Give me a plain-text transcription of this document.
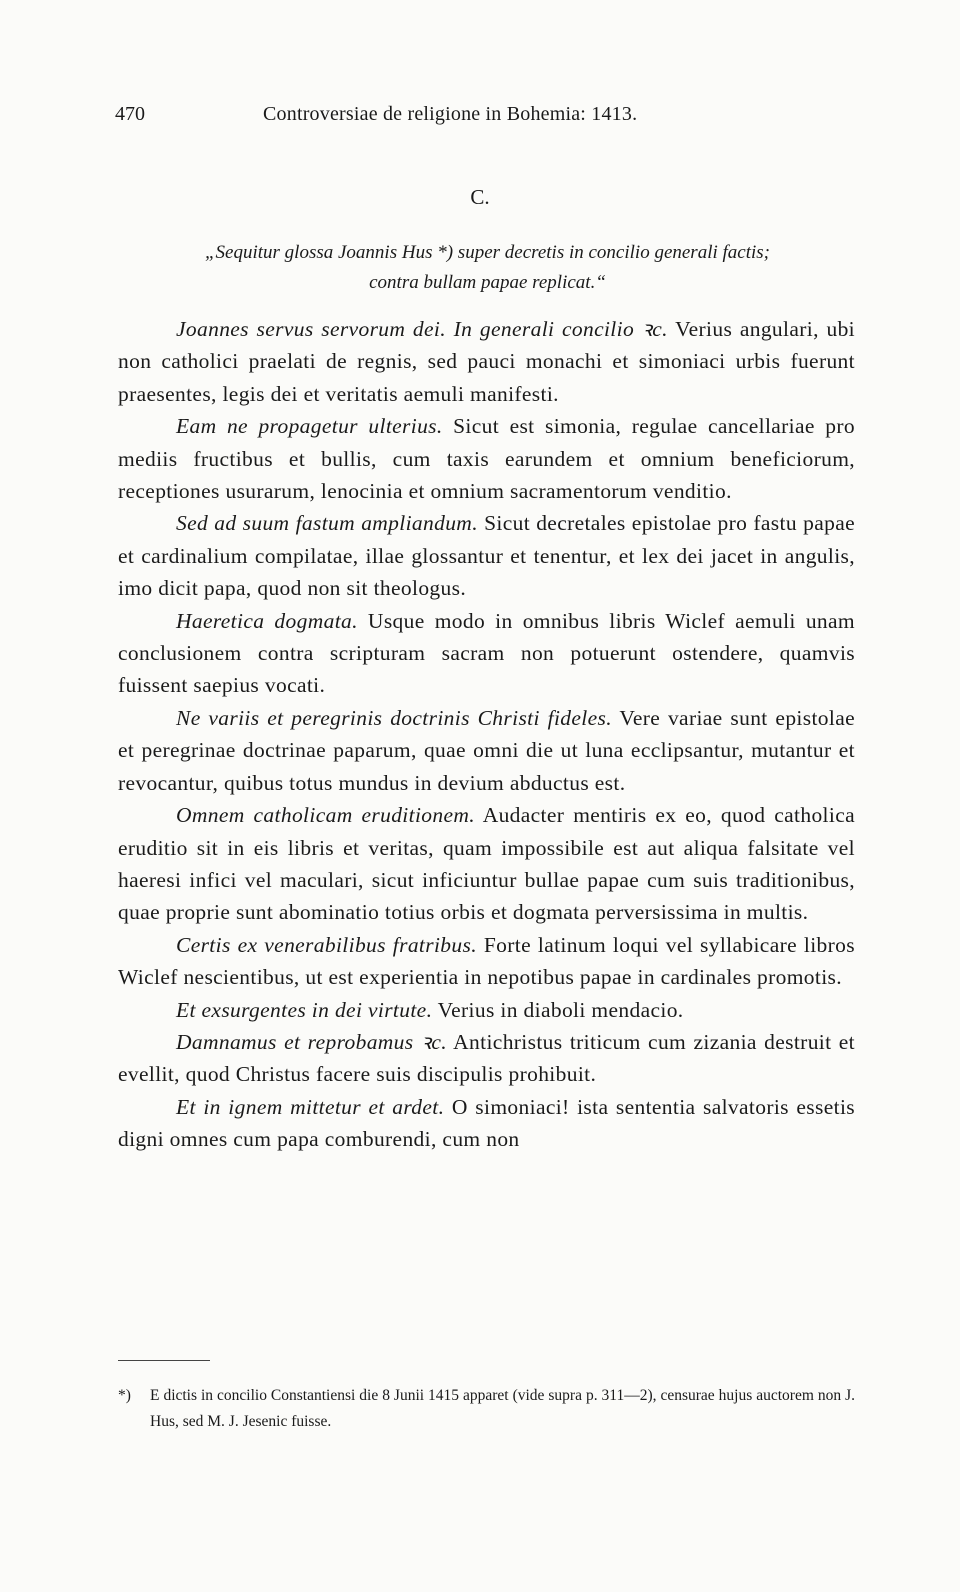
470	Controversiae de religione in Bohemia: 1413.
C.
„Sequitur glossa Joannis Hus *) super decretis in concilio generali factis;
contra bullam papae replicat.“

Joannes servus servorum dei. In generali concilio ꝛc. Verius angulari, ubi non catholici praelati de regnis, sed pauci monachi et simoniaci urbis fuerunt praesentes, legis dei et veritatis aemuli manifesti.

Eam ne propagetur ulterius. Sicut est simonia, regulae cancellariae pro mediis fructibus et bullis, cum taxis earundem et omnium beneficiorum, receptiones usurarum, lenocinia et omnium sacramentorum venditio.

Sed ad suum fastum ampliandum. Sicut decretales epistolae pro fastu papae et cardinalium compilatae, illae glossantur et tenentur, et lex dei jacet in angulis, imo dicit papa, quod non sit theologus.

Haeretica dogmata. Usque modo in omnibus libris Wiclef aemuli unam conclusionem contra scripturam sacram non potuerunt ostendere, quamvis fuissent saepius vocati.

Ne variis et peregrinis doctrinis Christi fideles. Vere variae sunt epistolae et peregrinae doctrinae paparum, quae omni die ut luna ecclipsantur, mutantur et revocantur, quibus totus mundus in devium abductus est.

Omnem catholicam eruditionem. Audacter mentiris ex eo, quod catholica eruditio sit in eis libris et veritas, quam impossibile est aut aliqua falsitate vel haeresi infici vel maculari, sicut inficiuntur bullae papae cum suis traditionibus, quae proprie sunt abominatio totius orbis et dogmata perversissima in multis.

Certis ex venerabilibus fratribus. Forte latinum loqui vel syllabicare libros Wiclef nescientibus, ut est experientia in nepotibus papae in cardinales promotis.

Et exsurgentes in dei virtute. Verius in diaboli mendacio.

Damnamus et reprobamus ꝛc. Antichristus triticum cum zizania destruit et evellit, quod Christus facere suis discipulis prohibuit.

Et in ignem mittetur et ardet. O simoniaci! ista sententia salvatoris essetis digni omnes cum papa comburendi, cum non

*) E dictis in concilio Constantiensi die 8 Junii 1415 apparet (vide supra p. 311—2), censurae hujus auctorem non J. Hus, sed M. J. Jesenic fuisse.
